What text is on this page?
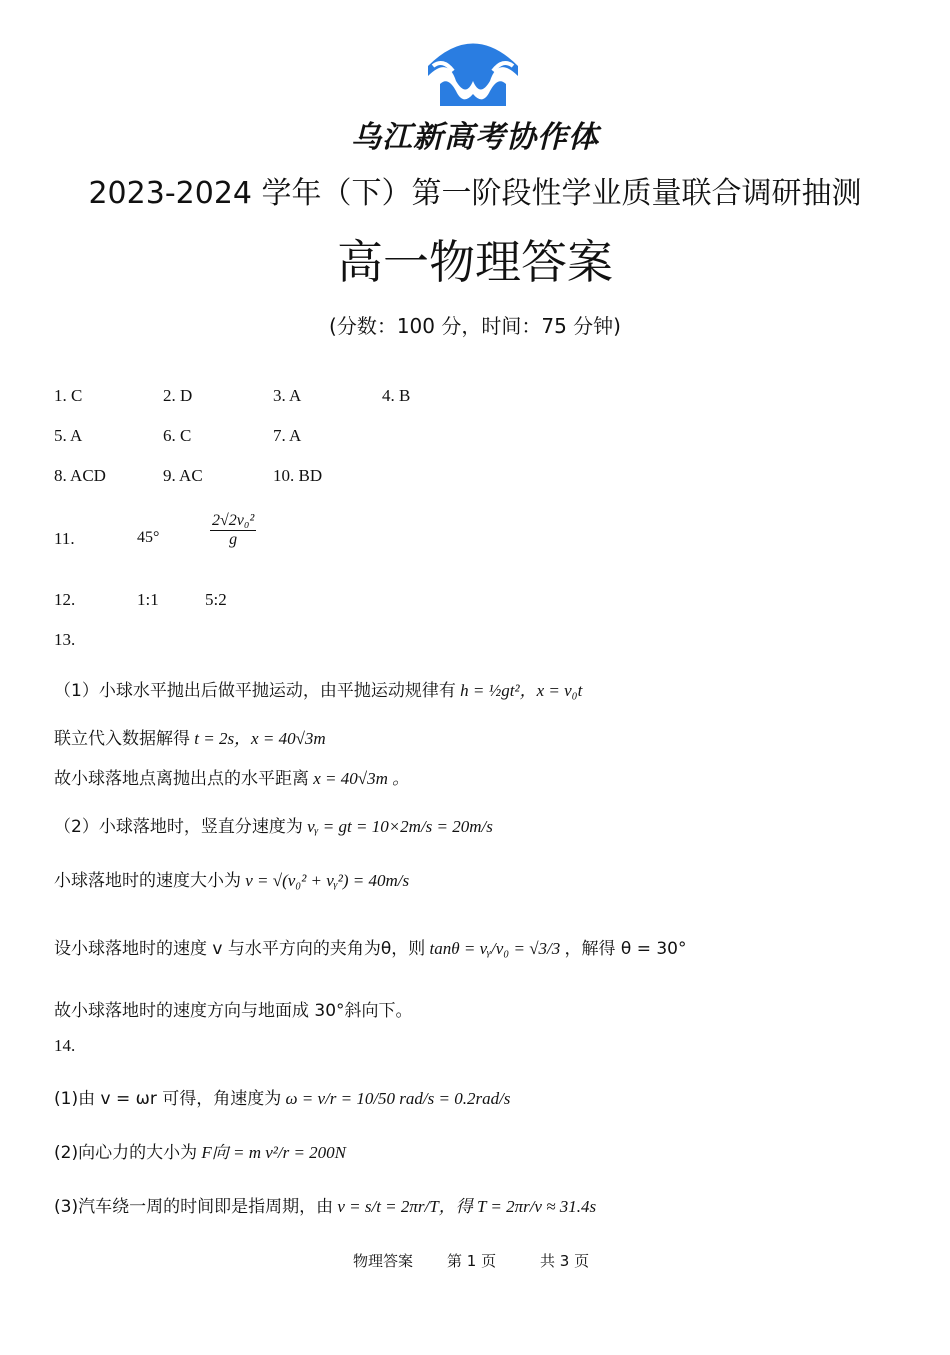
乌江新高考协作体
2023-2024 学年（下）第一阶段性学业质量联合调研抽测
高一物理答案
(分数：100 分，时间：75 分钟)
1. C	2. D	3. A	4. B
5. A	6. C	7. A
8. ACD	9. AC	10. BD
11.	45°	$\frac{\text{2√2v₀²}}{g}$
12.	1:1	5:2
13.
（1）小球水平抛出后做平抛运动，由平抛运动规律有 h = ½gt²，x = v₀t
联立代入数据解得 t = 2s，x = 40√3m
故小球落地点离抛出点的水平距离 x = 40√3m 。
（2）小球落地时，竖直分速度为 vᵧ = gt = 10×2m/s = 20m/s
小球落地时的速度大小为 v = √(v₀² + vᵧ²) = 40m/s
设小球落地时的速度 v 与水平方向的夹角为θ，则 tanθ = vᵧ/v₀ = √3/3 ，解得 θ = 30°
故小球落地时的速度方向与地面成 30°斜向下。
14.
(1)由 v = ωr 可得，角速度为 ω = v/r = 10/50 rad/s = 0.2rad/s
(2)向心力的大小为 F向 = m v²/r = 200N
(3)汽车绕一周的时间即是指周期，由 v = s/t = 2πr/T，得 T = 2πr/v ≈ 31.4s
物理答案 第 1 页	共 3 页
